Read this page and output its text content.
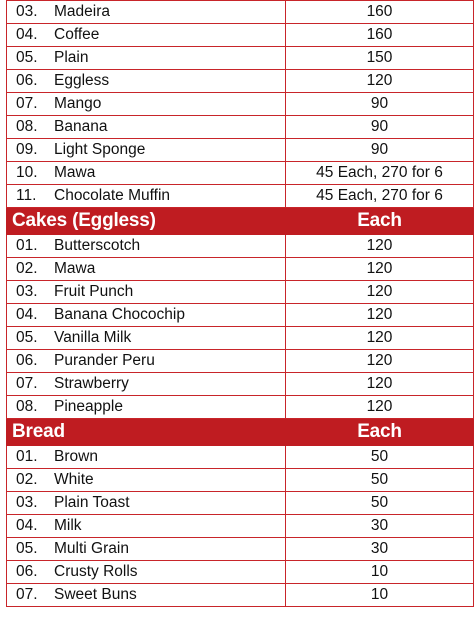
03. Madeira	160
04. Coffee	160
05. Plain	150
06. Eggless	120
07. Mango	90
08. Banana	90
09. Light Sponge	90
10. Mawa	45 Each, 270 for 6
11. Chocolate Muffin	45 Each, 270 for 6
Cakes (Eggless)	Each
01. Butterscotch	120
02. Mawa	120
03. Fruit Punch	120
04. Banana Chocochip	120
05. Vanilla Milk	120
06. Purander Peru	120
07. Strawberry	120
08. Pineapple	120
Bread	Each
01. Brown	50
02. White	50
03. Plain Toast	50
04. Milk	30
05. Multi Grain	30
06. Crusty Rolls	10
07. Sweet Buns	10
